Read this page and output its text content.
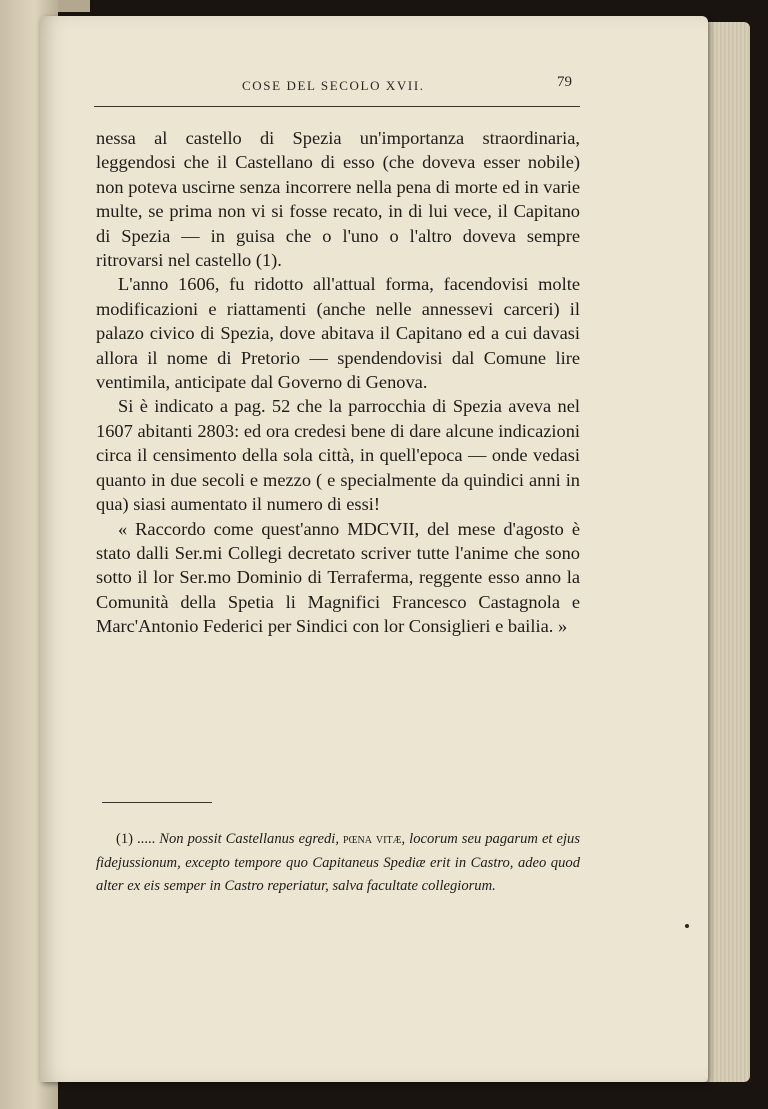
COSE DEL SECOLO XVII.	79

nessa al castello di Spezia un'importanza straordinaria, leggendosi che il Castellano di esso (che doveva esser nobile) non poteva uscirne senza incorrere nella pena di morte ed in varie multe, se prima non vi si fosse recato, in di lui vece, il Capitano di Spezia — in guisa che o l'uno o l'altro doveva sempre ritrovarsi nel castello (1).

L'anno 1606, fu ridotto all'attual forma, facendovisi molte modificazioni e riattamenti (anche nelle annessevi carceri) il palazo civico di Spezia, dove abitava il Capitano ed a cui davasi allora il nome di Pretorio — spendendovisi dal Comune lire ventimila, anticipate dal Governo di Genova.

Si è indicato a pag. 52 che la parrocchia di Spezia aveva nel 1607 abitanti 2803: ed ora credesi bene di dare alcune indicazioni circa il censimento della sola città, in quell'epoca — onde vedasi quanto in due secoli e mezzo ( e specialmente da quindici anni in qua) siasi aumentato il numero di essi!

« Raccordo come quest'anno MDCVII, del mese d'agosto è stato dalli Ser.mi Collegi decretato scriver tutte l'anime che sono sotto il lor Ser.mo Dominio di Terraferma, reggente esso anno la Comunità della Spetia li Magnifici Francesco Castagnola e Marc'Antonio Federici per Sindici con lor Consiglieri e bailia. »

(1) ..... Non possit Castellanus egredi, pœna vitæ, locorum seu pagarum et ejus fidejussionum, excepto tempore quo Capitaneus Spediæ erit in Castro, adeo quod alter ex eis semper in Castro reperiatur, salva facultate collegiorum.
